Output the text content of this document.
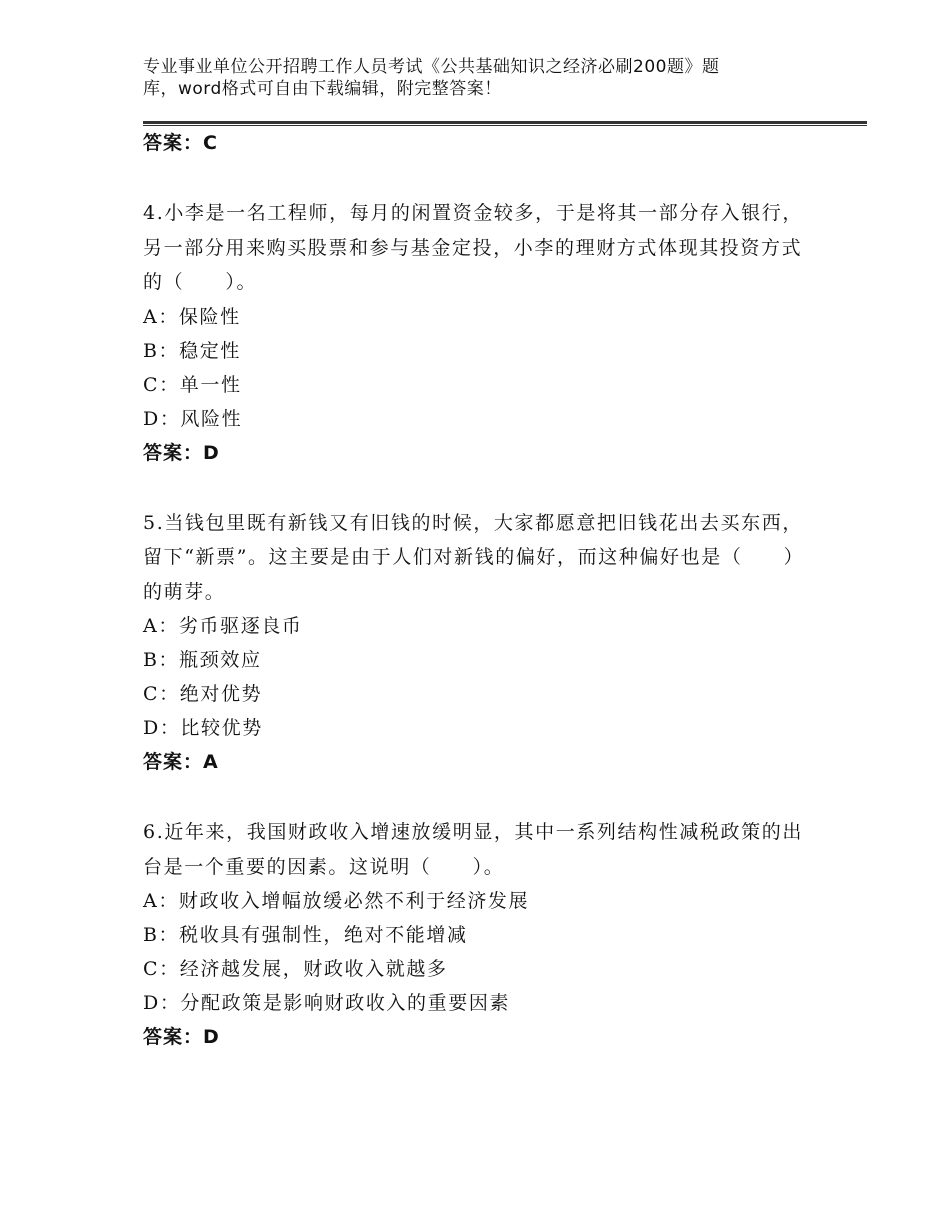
专业事业单位公开招聘工作人员考试《公共基础知识之经济必刷200题》题
库，word格式可自由下载编辑，附完整答案！
答案：C
4.小李是一名工程师，每月的闲置资金较多，于是将其一部分存入银行，另一部分用来购买股票和参与基金定投，小李的理财方式体现其投资方式的（　　）。
A：保险性
B：稳定性
C：单一性
D：风险性
答案：D
5.当钱包里既有新钱又有旧钱的时候，大家都愿意把旧钱花出去买东西，留下“新票”。这主要是由于人们对新钱的偏好，而这种偏好也是（　　）的萌芽。
A：劣币驱逐良币
B：瓶颈效应
C：绝对优势
D：比较优势
答案：A
6.近年来，我国财政收入增速放缓明显，其中一系列结构性减税政策的出台是一个重要的因素。这说明（　　）。
A：财政收入增幅放缓必然不利于经济发展
B：税收具有强制性，绝对不能增减
C：经济越发展，财政收入就越多
D：分配政策是影响财政收入的重要因素
答案：D
